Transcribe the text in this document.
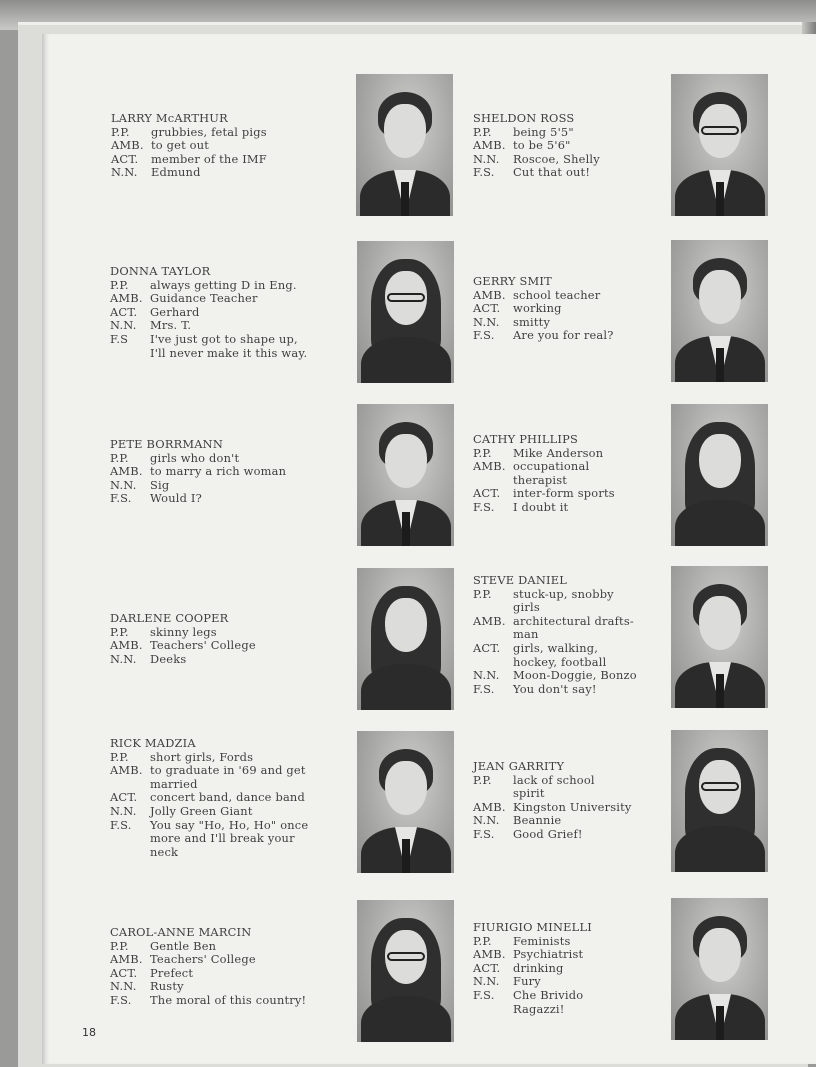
LARRY McARTHUR
P.P.	grubbies, fetal pigs
AMB. to get out
ACT.	member of the IMF
N.N.	Edmund
SHELDON ROSS
P.P.	being 5'5"
AMB. to be 5'6"
N.N.	Roscoe, Shelly
F.S.	Cut that out!
DONNA TAYLOR
P.P.	always getting D in Eng.
AMB. Guidance Teacher
ACT.	Gerhard
N.N.	Mrs. T.
F.S	I've just got to shape up,
I'll never make it this way.
GERRY SMIT
AMB. school teacher
ACT.	working
N.N.	smitty
F.S.	Are you for real?
PETE BORRMANN
P.P.	girls who don't
AMB. to marry a rich woman
N.N.	Sig
F.S.	Would I?
CATHY PHILLIPS
P.P.	Mike Anderson
AMB. occupational
therapist
ACT.	inter-form sports
F.S.	I doubt it
DARLENE COOPER
P.P.	skinny legs
AMB. Teachers' College
N.N.	Deeks
STEVE DANIEL
P.P.	stuck-up, snobby
girls
AMB. architectural drafts-
man
ACT.	girls, walking,
hockey, football
N.N.	Moon-Doggie, Bonzo
F.S.	You don't say!
RICK MADZIA
P.P.	short girls, Fords
AMB. to graduate in '69 and get
married
ACT.	concert band, dance band
N.N.	Jolly Green Giant
F.S.	You say "Ho, Ho, Ho" once
more and I'll break your
neck
JEAN GARRITY
P.P.	lack of school
spirit
AMB. Kingston University
N.N.	Beannie
F.S.	Good Grief!
CAROL-ANNE MARCIN
P.P.	Gentle Ben
AMB. Teachers' College
ACT.	Prefect
N.N.	Rusty
F.S.	The moral of this country!
FIURIGIO MINELLI
P.P.	Feminists
AMB. Psychiatrist
ACT.	drinking
N.N.	Fury
F.S.	Che Brivido
Ragazzi!
18
